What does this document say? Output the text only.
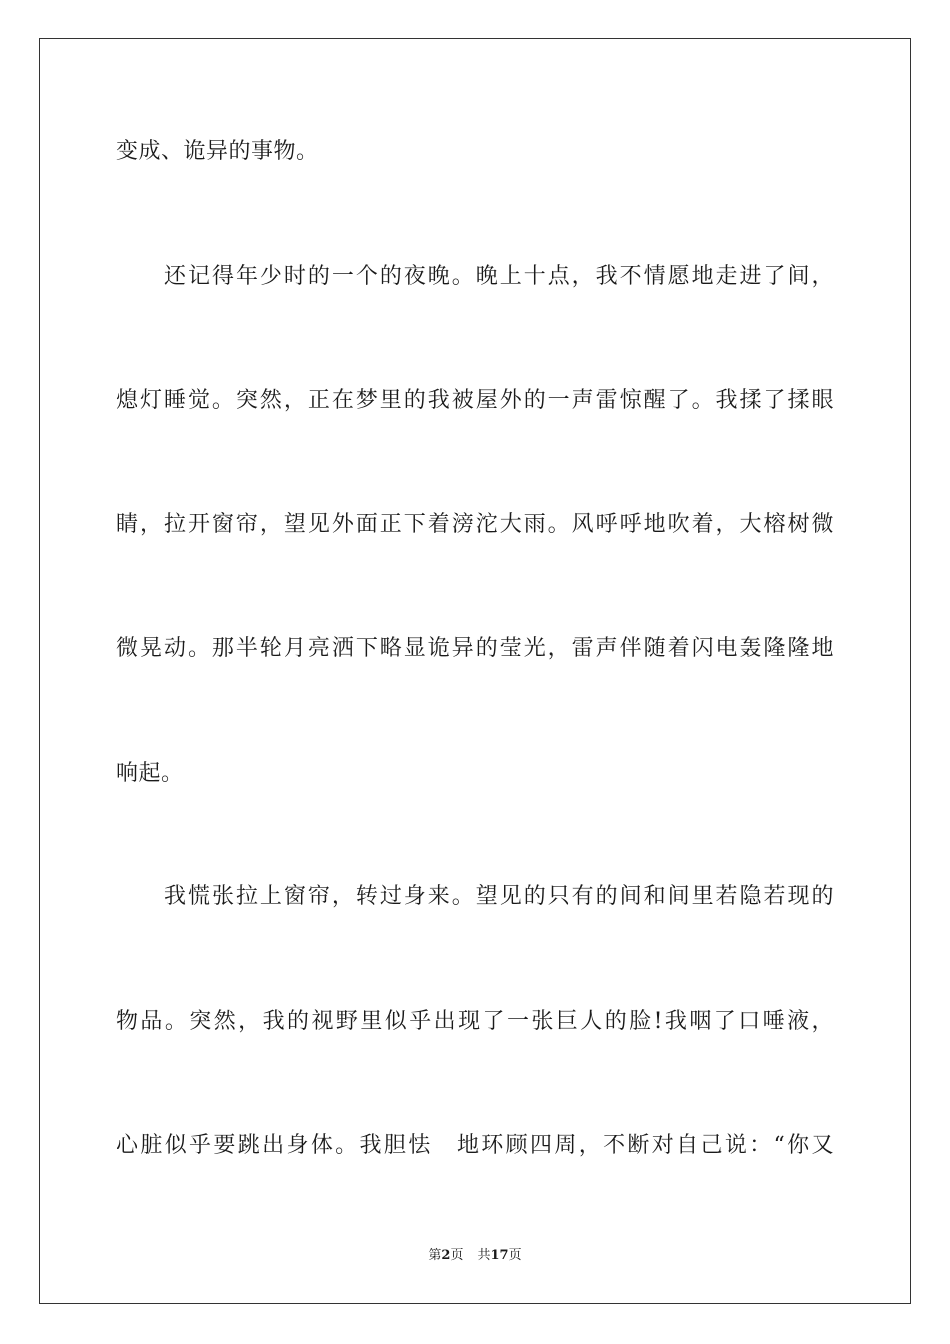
变成、诡异的事物。
还记得年少时的一个的夜晚。晚上十点，我不情愿地走进了间，
熄灯睡觉。突然，正在梦里的我被屋外的一声雷惊醒了。我揉了揉眼
睛，拉开窗帘，望见外面正下着滂沱大雨。风呼呼地吹着，大榕树微
微晃动。那半轮月亮洒下略显诡异的莹光，雷声伴随着闪电轰隆隆地
响起。
我慌张拉上窗帘，转过身来。望见的只有的间和间里若隐若现的
物品。突然，我的视野里似乎出现了一张巨人的脸!我咽了口唾液，
心脏似乎要跳出身体。我胆怯　地环顾四周，不断对自己说：“你又
第2页 共17页
